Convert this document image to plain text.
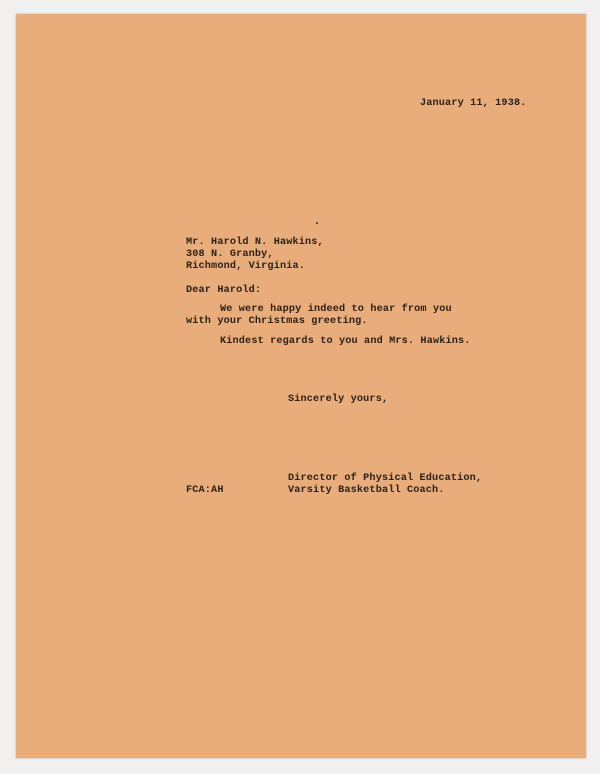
January 11, 1938.
Mr. Harold N. Hawkins,
308 N. Granby,
Richmond, Virginia.
Dear Harold:
We were happy indeed to hear from you
with your Christmas greeting.
Kindest regards to you and Mrs. Hawkins.
Sincerely yours,
Director of Physical Education,
Varsity Basketball Coach.
FCA:AH
